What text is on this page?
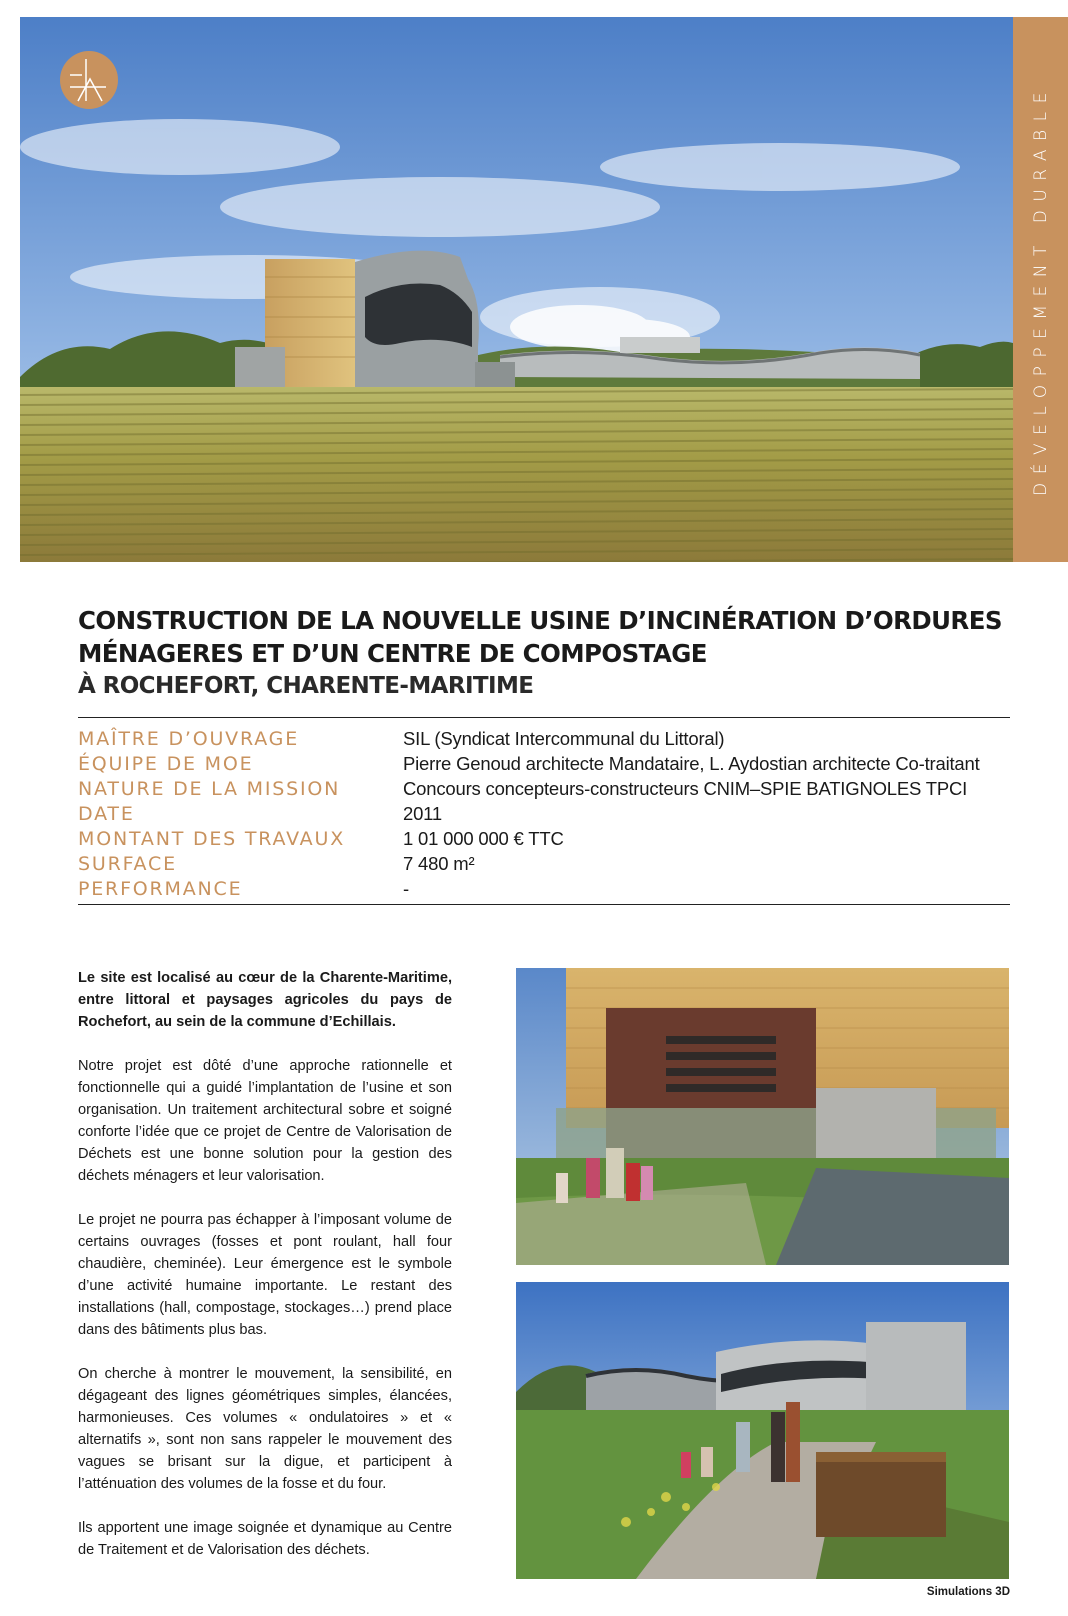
DÉVELOPPEMENT DURABLE
CONSTRUCTION DE LA NOUVELLE USINE D’INCINÉRATION D’ORDURES MÉNAGERES ET D’UN CENTRE DE COMPOSTAGE
À ROCHEFORT, CHARENTE-MARITIME
MAÎTRE D’OUVRAGE	SIL (Syndicat Intercommunal du Littoral)
ÉQUIPE DE MOE	Pierre Genoud architecte Mandataire, L. Aydostian architecte Co-traitant
NATURE DE LA MISSION	Concours concepteurs-constructeurs CNIM–SPIE BATIGNOLES TPCI
DATE	2011
MONTANT DES TRAVAUX	1 01 000 000 € TTC
SURFACE	7 480 m²
PERFORMANCE	-

Le site est localisé au cœur de la Charente-Maritime, entre littoral et paysages agricoles du pays de Rochefort, au sein de la commune d’Echillais.

Notre projet est dôté d’une approche rationnelle et fonctionnelle qui a guidé l’implantation de l’usine et son organisation. Un traitement architectural sobre et soigné conforte l’idée que ce projet de Centre de Valorisation de Déchets est une bonne solution pour la gestion des déchets ménagers et leur valorisation.

Le projet ne pourra pas échapper à l’imposant volume de certains ouvrages (fosses et pont roulant, hall four chaudière, cheminée). Leur émergence est le symbole d’une activité humaine importante. Le restant des installations (hall, compostage, stockages…) prend place dans des bâtiments plus bas.

On cherche à montrer le mouvement, la sensibilité, en dégageant des lignes géométriques simples, élancées, harmonieuses. Ces volumes « ondulatoires » et « alternatifs », sont non sans rappeler le mouvement des vagues se brisant sur la digue, et participent à l’atténuation des volumes de la fosse et du four.

Ils apportent une image soignée et dynamique au Centre de Traitement et de Valorisation des déchets.

Simulations 3D
